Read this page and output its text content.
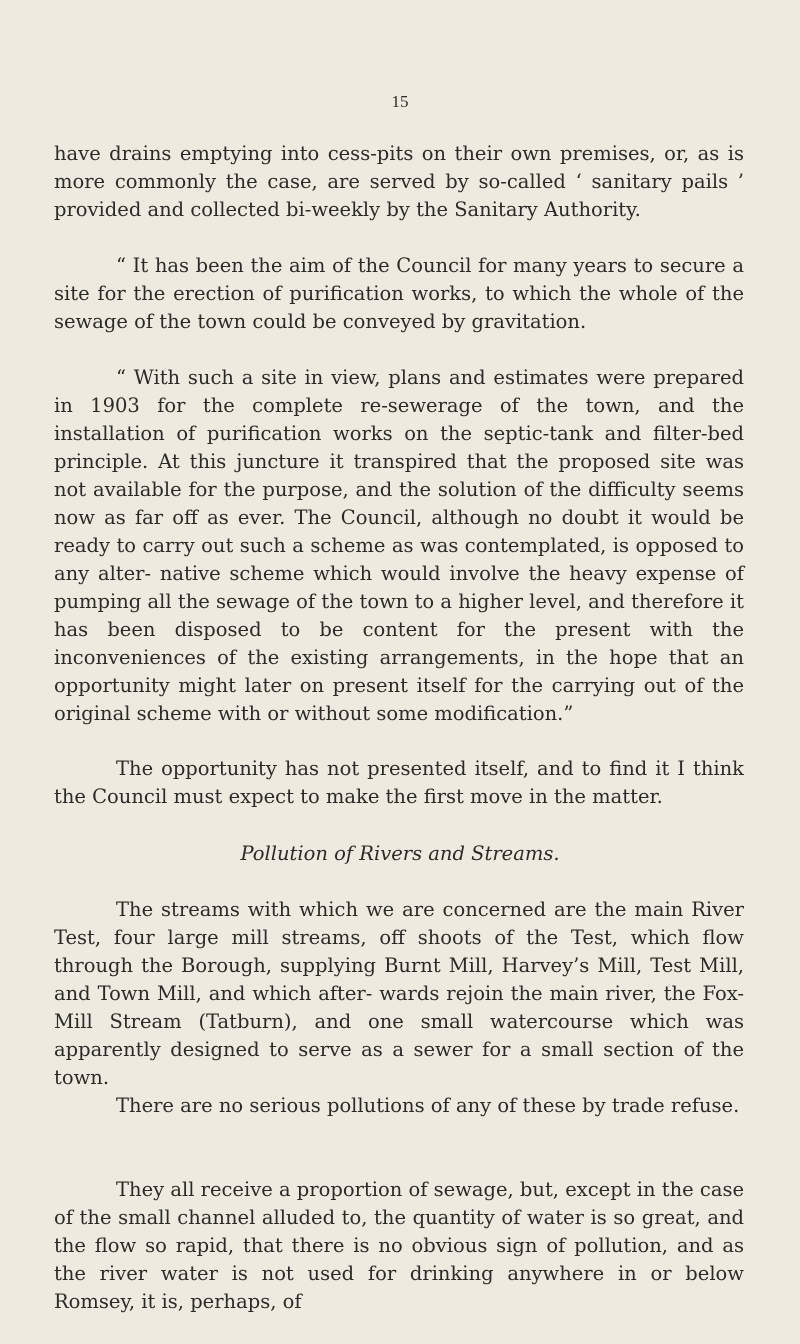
15

have drains emptying into cess-pits on their own premises, or, as is more commonly the case, are served by so-called ‘ sanitary pails ’ provided and collected bi-weekly by the Sanitary Authority.

“ It has been the aim of the Council for many years to secure a site for the erection of purification works, to which the whole of the sewage of the town could be conveyed by gravitation.

“ With such a site in view, plans and estimates were prepared in 1903 for the complete re-sewerage of the town, and the installation of purification works on the septic-tank and filter-bed principle. At this juncture it transpired that the proposed site was not available for the purpose, and the solution of the difficulty seems now as far off as ever. The Council, although no doubt it would be ready to carry out such a scheme as was contemplated, is opposed to any alter- native scheme which would involve the heavy expense of pumping all the sewage of the town to a higher level, and therefore it has been disposed to be content for the present with the inconveniences of the existing arrangements, in the hope that an opportunity might later on present itself for the carrying out of the original scheme with or without some modification.”

The opportunity has not presented itself, and to find it I think the Council must expect to make the first move in the matter.

Pollution of Rivers and Streams.

The streams with which we are concerned are the main River Test, four large mill streams, off shoots of the Test, which flow through the Borough, supplying Burnt Mill, Harvey’s Mill, Test Mill, and Town Mill, and which after- wards rejoin the main river, the Fox-Mill Stream (Tatburn), and one small watercourse which was apparently designed to serve as a sewer for a small section of the town.

There are no serious pollutions of any of these by trade refuse.

They all receive a proportion of sewage, but, except in the case of the small channel alluded to, the quantity of water is so great, and the flow so rapid, that there is no obvious sign of pollution, and as the river water is not used for drinking anywhere in or below Romsey, it is, perhaps, of
